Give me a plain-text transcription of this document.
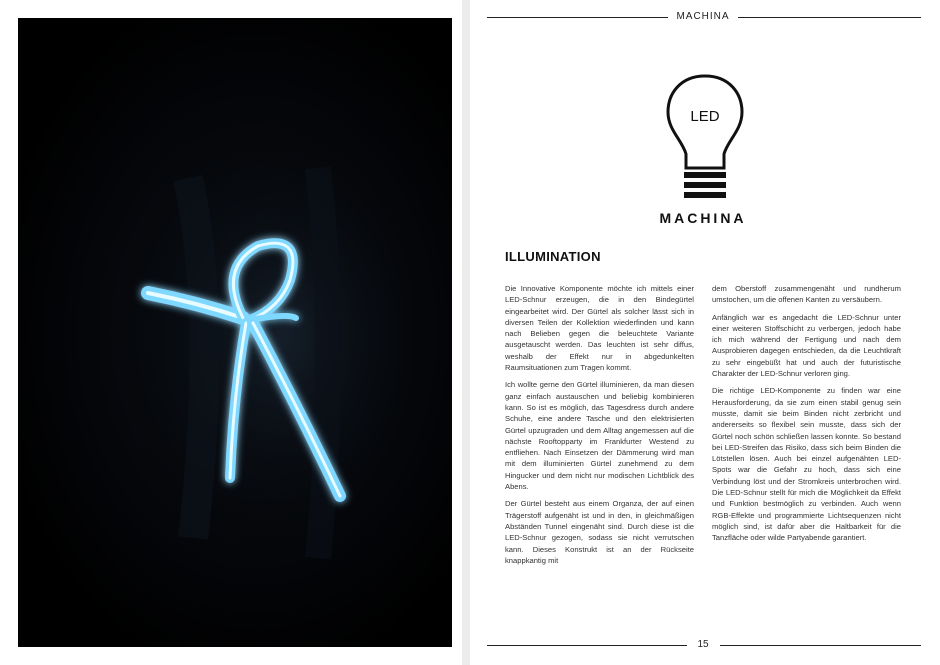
MACHINA
LED
MACHINA
ILLUMINATION

Die Innovative Komponente möchte ich mittels einer LED-Schnur erzeugen, die in den Bindegürtel eingearbeitet wird. Der Gürtel als solcher lässt sich in diversen Teilen der Kollektion wiederfinden und kann nach Belieben gegen die beleuchtete Variante ausgetauscht werden. Das leuchten ist sehr diffus, weshalb der Effekt nur in abgedunkelten Raumsituationen zum Tragen kommt.

Ich wollte gerne den Gürtel illuminieren, da man diesen ganz einfach austauschen und beliebig kombinieren kann. So ist es möglich, das Tagesdress durch andere Schuhe, eine andere Tasche und den elektrisierten Gürtel upzugraden und dem Alltag angemessen auf die nächste Rooftopparty im Frankfurter Westend zu entfliehen. Nach Einsetzen der Dämmerung wird man mit dem illuminierten Gürtel zunehmend zu dem Hingucker und dem nicht nur modischen Lichtblick des Abens.

Der Gürtel besteht aus einem Organza, der auf einen Trägerstoff aufgenäht ist und in den, in gleichmäßigen Abständen Tunnel eingenäht sind. Durch diese ist die LED-Schnur gezogen, sodass sie nicht verrutschen kann. Dieses Konstrukt ist an der Rückseite knappkantig mit

dem Oberstoff zusammengenäht und rundherum umstochen, um die offenen Kanten zu versäubern.

Anfänglich war es angedacht die LED-Schnur unter einer weiteren Stoffschicht zu verbergen, jedoch habe ich mich während der Fertigung und nach dem Ausprobieren dagegen entschieden, da die Leuchtkraft zu sehr eingebüßt hat und auch der futuristische Charakter der LED-Schnur verloren ging.

Die richtige LED-Komponente zu finden war eine Herausforderung, da sie zum einen stabil genug sein musste, damit sie beim Binden nicht zerbricht und andererseits so flexibel sein musste, dass sich der Gürtel noch schön schließen lassen konnte. So bestand bei LED-Streifen das Risiko, dass sich beim Binden die Lötstellen lösen. Auch bei einzel aufgenähten LED-Spots war die Gefahr zu hoch, dass sich eine Verbindung löst und der Stromkreis unterbrochen wird. Die LED-Schnur stellt für mich die Möglichkeit da Effekt und Funktion bestmöglich zu verbinden. Auch wenn RGB-Effekte und programmierte Lichtsequenzen nicht möglich sind, ist dafür aber die Haltbarkeit für die Tanzfläche oder wilde Partyabende garantiert.

15
